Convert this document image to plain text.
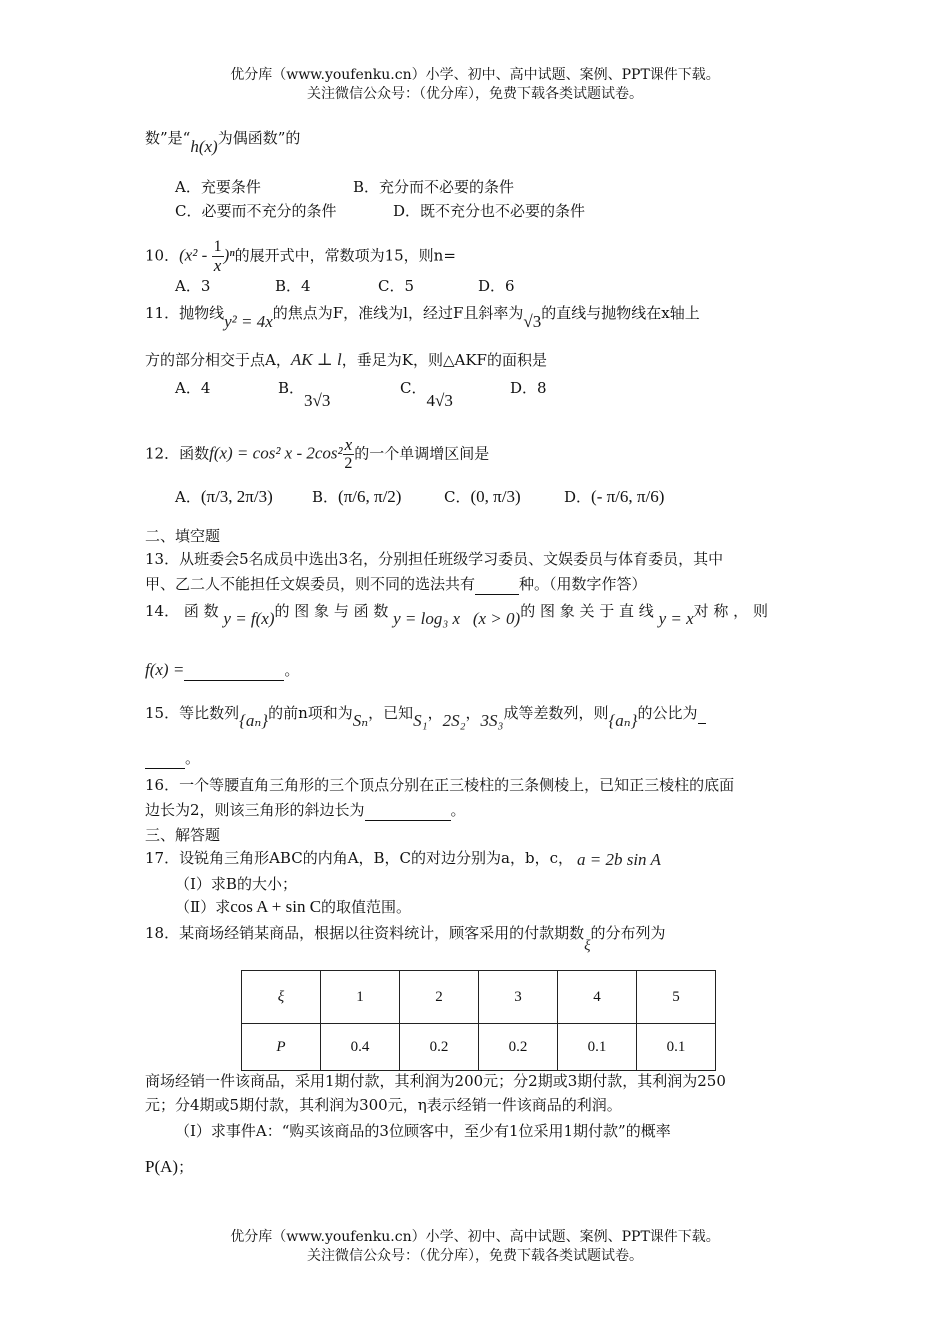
优分库（www.youfenku.cn）小学、初中、高中试题、案例、PPT课件下载。
关注微信公众号：（优分库），免费下载各类试题试卷。
数”是“h(x)为偶函数”的
A．充要条件	B．充分而不必要的条件
C．必要而不充分的条件	D．既不充分也不必要的条件
10．$(x^2 - \frac{1}{x} )^n$的展开式中，常数项为15，则n=
A．3	B．4	C．5	D．6
11．抛物线y² = 4x的焦点为F，准线为l，经过F且斜率为√3的直线与抛物线在x轴上
方的部分相交于点A，AK ⊥ l，垂足为K，则△AKF的面积是
A．4	B．3√3C．4√3D．8
12．函数f(x) = cos² x - $2\cos^2 \frac{x}{2}$ 的一个单调增区间是
A．(π/3, 2π/3)	B．(π/6, π/2)	C．(0, π/3)	D．(- π/6, π/6)
二、填空题
13．从班委会5名成员中选出3名，分别担任班级学习委员、文娱委员与体育委员，其中
甲、乙二人不能担任文娱委员，则不同的选法共有	种。（用数字作答）
14． 函 数 y = f(x)的 图 象 与 函 数 y = log₃ x   (x > 0)的 图 象 关 于 直 线 y = x对 称 ， 则
f(x) =	。
15．等比数列{aₙ}的前n项和为Sₙ，已知S₁，2S₂，3S₃成等差数列，则{aₙ}的公比为
。
16．一个等腰直角三角形的三个顶点分别在正三棱柱的三条侧棱上，已知正三棱柱的底面
边长为2，则该三角形的斜边长为	。
三、解答题
17．设锐角三角形ABC的内角A，B，C的对边分别为a，b，c， a = 2b sin A
（Ⅰ）求B的大小；
（Ⅱ）求cos A + sin C的取值范围。
18．某商场经销某商品，根据以往资料统计，顾客采用的付款期数ξ的分布列为
ξ	1	2	3	4	5
P	0.4	0.2	0.2	0.1	0.1
商场经销一件该商品，采用1期付款，其利润为200元；分2期或3期付款，其利润为250
元；分4期或5期付款，其利润为300元，η表示经销一件该商品的利润。
（Ⅰ）求事件A：“购买该商品的3位顾客中，至少有1位采用1期付款”的概率
P(A)；
优分库（www.youfenku.cn）小学、初中、高中试题、案例、PPT课件下载。
关注微信公众号：（优分库），免费下载各类试题试卷。
